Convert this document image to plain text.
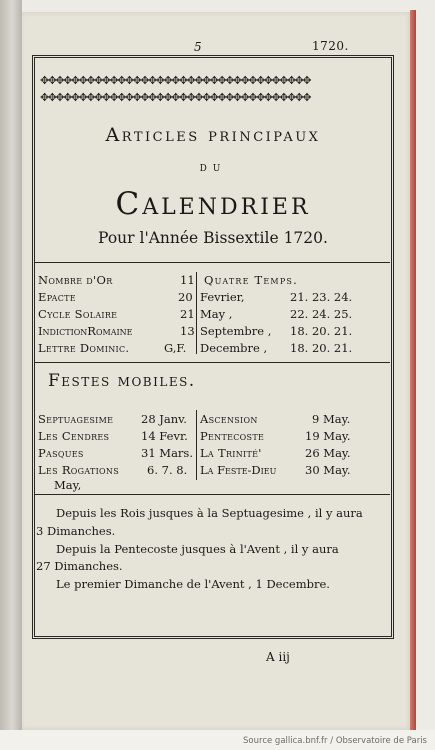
Source gallica.bnf.fr / Observatoire de Paris
5	1720.
✥✥✥✥✥✥✥✥✥✥✥✥✥✥✥✥✥✥✥✥✥✥✥✥✥✥✥✥✥✥✥✥✥✥✥
✥✥✥✥✥✥✥✥✥✥✥✥✥✥✥✥✥✥✥✥✥✥✥✥✥✥✥✥✥✥✥✥✥✥✥
Articles principaux
du
Calendrier
Pour l'Année Bissextile 1720.
Nombre d'Or	11
Epacte	20
Cycle Solaire	21
IndictionRomaine	13
Lettre Dominic.	G,F.
Quatre Temps.
Fevrier,	21. 23. 24.
May ,	22. 24. 25.
Septembre , 18. 20. 21.
Decembre , 18. 20. 21.
Festes mobiles.
Septuagesime 28 Janv.
Les Cendres	14 Fevr.
Pasques	31 Mars.
Les Rogations 6. 7. 8.
May,
Ascension	9 May.
Pentecoste	19 May.
La Trinité'	26 May.
La Feste-Dieu 30 May.
Depuis les Rois jusques à la Septuagesime , il y aura
3 Dimanches.
Depuis la Pentecoste jusques à l'Avent , il y aura
27 Dimanches.
Le premier Dimanche de l'Avent , 1 Decembre.
A iij
